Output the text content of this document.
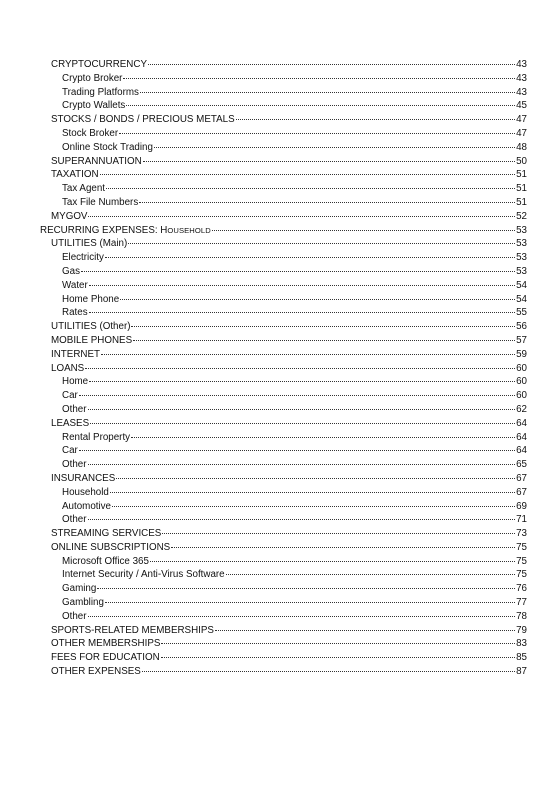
CRYPTOCURRENCY	43
Crypto Broker	43
Trading Platforms	43
Crypto Wallets	45
STOCKS / BONDS / PRECIOUS METALS	47
Stock Broker	47
Online Stock Trading	48
SUPERANNUATION	50
TAXATION	51
Tax Agent	51
Tax File Numbers	51
MYGOV	52
RECURRING EXPENSES: HOUSEHOLD	53
UTILITIES (Main)	53
Electricity	53
Gas	53
Water	54
Home Phone	54
Rates	55
UTILITIES (Other)	56
MOBILE PHONES	57
INTERNET	59
LOANS	60
Home	60
Car	60
Other	62
LEASES	64
Rental Property	64
Car	64
Other	65
INSURANCES	67
Household	67
Automotive	69
Other	71
STREAMING SERVICES	73
ONLINE SUBSCRIPTIONS	75
Microsoft Office 365	75
Internet Security / Anti-Virus Software	75
Gaming	76
Gambling	77
Other	78
SPORTS-RELATED MEMBERSHIPS	79
OTHER MEMBERSHIPS	83
FEES FOR EDUCATION	85
OTHER EXPENSES	87
